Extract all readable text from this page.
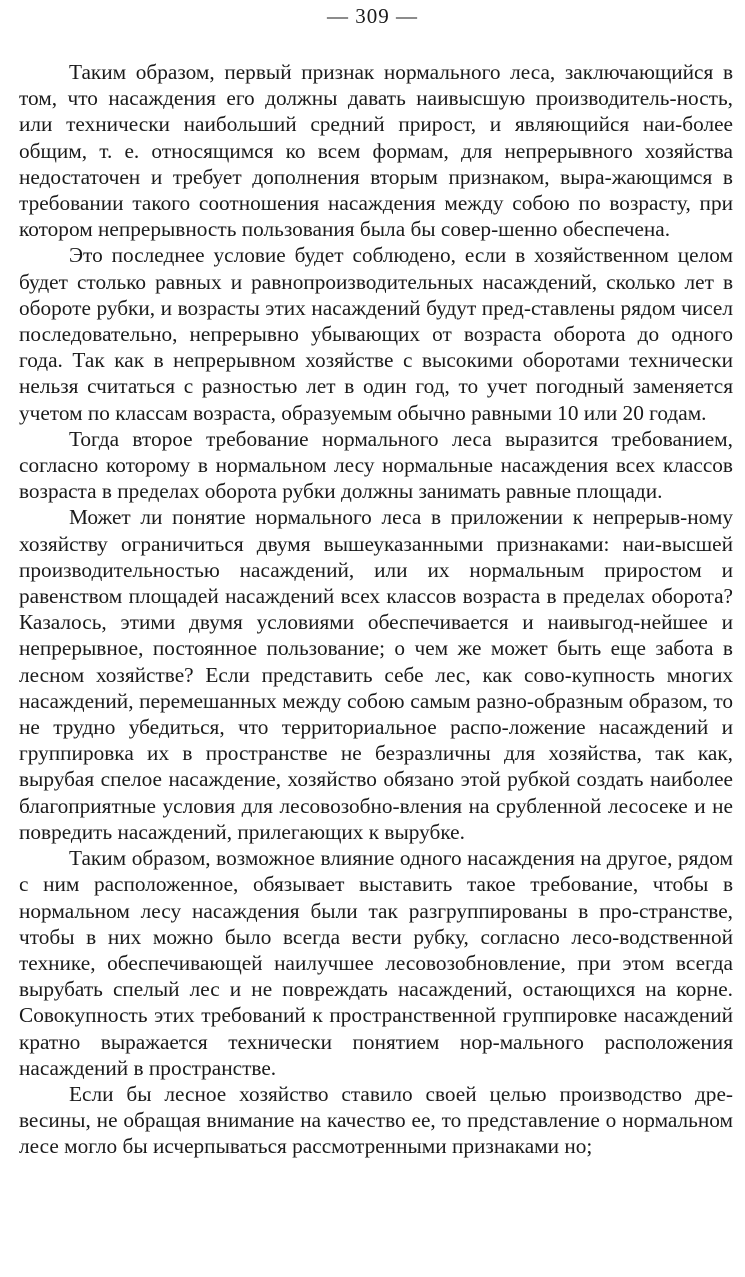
— 309 —

Таким образом, первый признак нормального леса, заключающийся в том, что насаждения его должны давать наивысшую производитель-ность, или технически наибольший средний прирост, и являющийся наи-более общим, т. е. относящимся ко всем формам, для непрерывного хозяйства недостаточен и требует дополнения вторым признаком, выра-жающимся в требовании такого соотношения насаждения между собою по возрасту, при котором непрерывность пользования была бы совер-шенно обеспечена.

Это последнее условие будет соблюдено, если в хозяйственном целом будет столько равных и равнопроизводительных насаждений, сколько лет в обороте рубки, и возрасты этих насаждений будут пред-ставлены рядом чисел последовательно, непрерывно убывающих от возраста оборота до одного года. Так как в непрерывном хозяйстве с высокими оборотами технически нельзя считаться с разностью лет в один год, то учет погодный заменяется учетом по классам возраста, образуемым обычно равными 10 или 20 годам.

Тогда второе требование нормального леса выразится требованием, согласно которому в нормальном лесу нормальные насаждения всех классов возраста в пределах оборота рубки должны занимать равные площади.

Может ли понятие нормального леса в приложении к непрерыв-ному хозяйству ограничиться двумя вышеуказанными признаками: наи-высшей производительностью насаждений, или их нормальным приростом и равенством площадей насаждений всех классов возраста в пределах оборота? Казалось, этими двумя условиями обеспечивается и наивыгод-нейшее и непрерывное, постоянное пользование; о чем же может быть еще забота в лесном хозяйстве? Если представить себе лес, как сово-купность многих насаждений, перемешанных между собою самым разно-образным образом, то не трудно убедиться, что территориальное распо-ложение насаждений и группировка их в пространстве не безразличны для хозяйства, так как, вырубая спелое насаждение, хозяйство обязано этой рубкой создать наиболее благоприятные условия для лесовозобно-вления на срубленной лесосеке и не повредить насаждений, прилегающих к вырубке.

Таким образом, возможное влияние одного насаждения на другое, рядом с ним расположенное, обязывает выставить такое требование, чтобы в нормальном лесу насаждения были так разгруппированы в про-странстве, чтобы в них можно было всегда вести рубку, согласно лесо-водственной технике, обеспечивающей наилучшее лесовозобновление, при этом всегда вырубать спелый лес и не повреждать насаждений, остающихся на корне. Совокупность этих требований к пространственной группировке насаждений кратно выражается технически понятием нор-мального расположения насаждений в пространстве.

Если бы лесное хозяйство ставило своей целью производство дре-весины, не обращая внимание на качество ее, то представление о нормальном лесе могло бы исчерпываться рассмотренными признаками но;
